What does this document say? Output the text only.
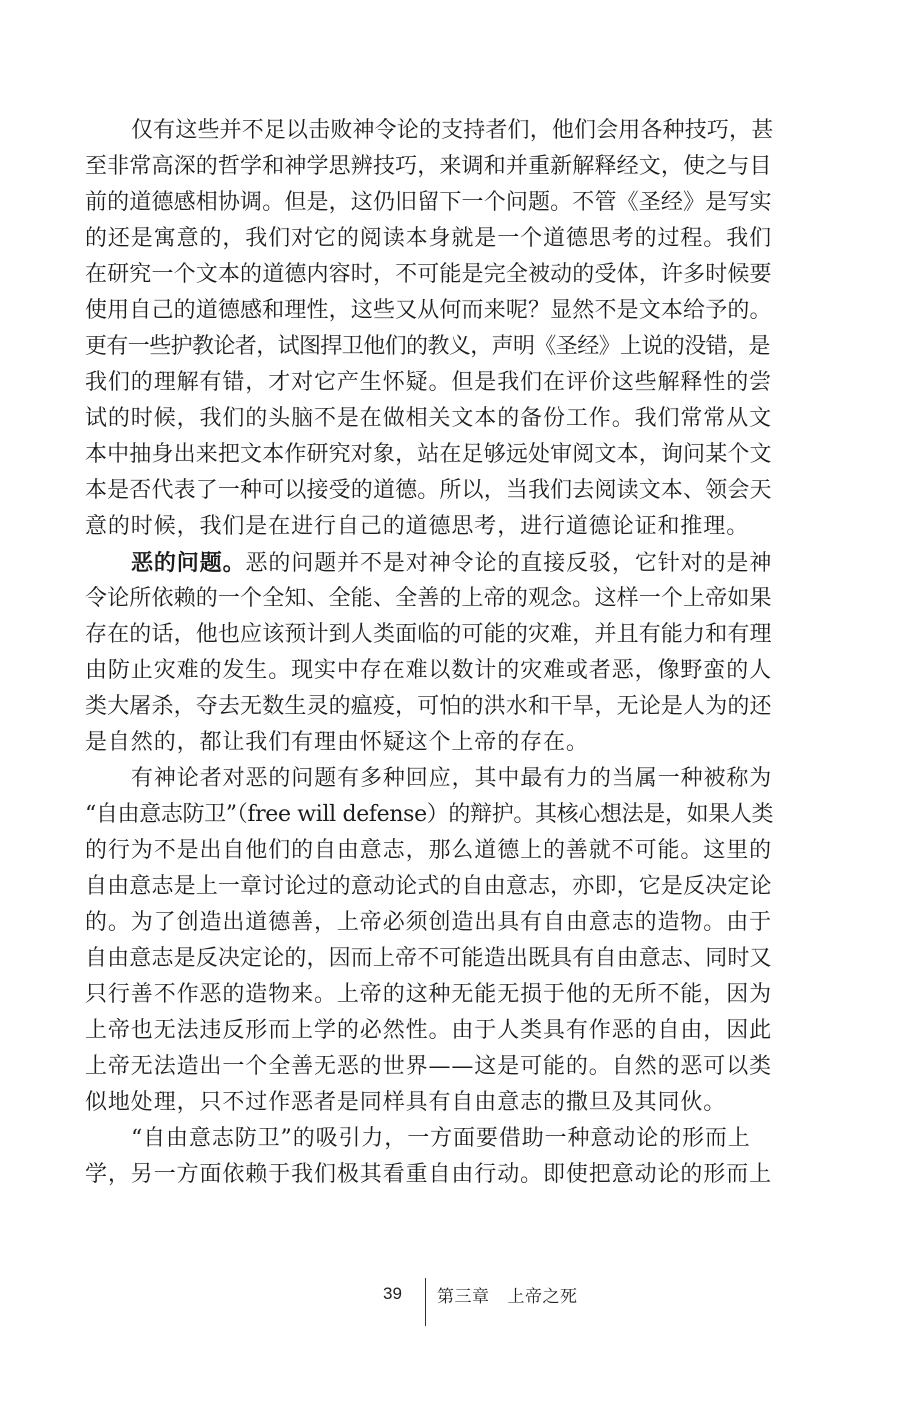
仅有这些并不足以击败神令论的支持者们，他们会用各种技巧，甚
至非常高深的哲学和神学思辨技巧，来调和并重新解释经文，使之与目
前的道德感相协调。但是，这仍旧留下一个问题。不管《圣经》是写实
的还是寓意的，我们对它的阅读本身就是一个道德思考的过程。我们
在研究一个文本的道德内容时，不可能是完全被动的受体，许多时候要
使用自己的道德感和理性，这些又从何而来呢？显然不是文本给予的。
更有一些护教论者，试图捍卫他们的教义，声明《圣经》上说的没错，是
我们的理解有错，才对它产生怀疑。但是我们在评价这些解释性的尝
试的时候，我们的头脑不是在做相关文本的备份工作。我们常常从文
本中抽身出来把文本作研究对象，站在足够远处审阅文本，询问某个文
本是否代表了一种可以接受的道德。所以，当我们去阅读文本、领会天
意的时候，我们是在进行自己的道德思考，进行道德论证和推理。
恶的问题。恶的问题并不是对神令论的直接反驳，它针对的是神
令论所依赖的一个全知、全能、全善的上帝的观念。这样一个上帝如果
存在的话，他也应该预计到人类面临的可能的灾难，并且有能力和有理
由防止灾难的发生。现实中存在难以数计的灾难或者恶，像野蛮的人
类大屠杀，夺去无数生灵的瘟疫，可怕的洪水和干旱，无论是人为的还
是自然的，都让我们有理由怀疑这个上帝的存在。
有神论者对恶的问题有多种回应，其中最有力的当属一种被称为
“自由意志防卫”（free will defense）的辩护。其核心想法是，如果人类
的行为不是出自他们的自由意志，那么道德上的善就不可能。这里的
自由意志是上一章讨论过的意动论式的自由意志，亦即，它是反决定论
的。为了创造出道德善，上帝必须创造出具有自由意志的造物。由于
自由意志是反决定论的，因而上帝不可能造出既具有自由意志、同时又
只行善不作恶的造物来。上帝的这种无能无损于他的无所不能，因为
上帝也无法违反形而上学的必然性。由于人类具有作恶的自由，因此
上帝无法造出一个全善无恶的世界——这是可能的。自然的恶可以类
似地处理，只不过作恶者是同样具有自由意志的撒旦及其同伙。
“自由意志防卫”的吸引力，一方面要借助一种意动论的形而上
学，另一方面依赖于我们极其看重自由行动。即使把意动论的形而上
39 第三章 上帝之死
